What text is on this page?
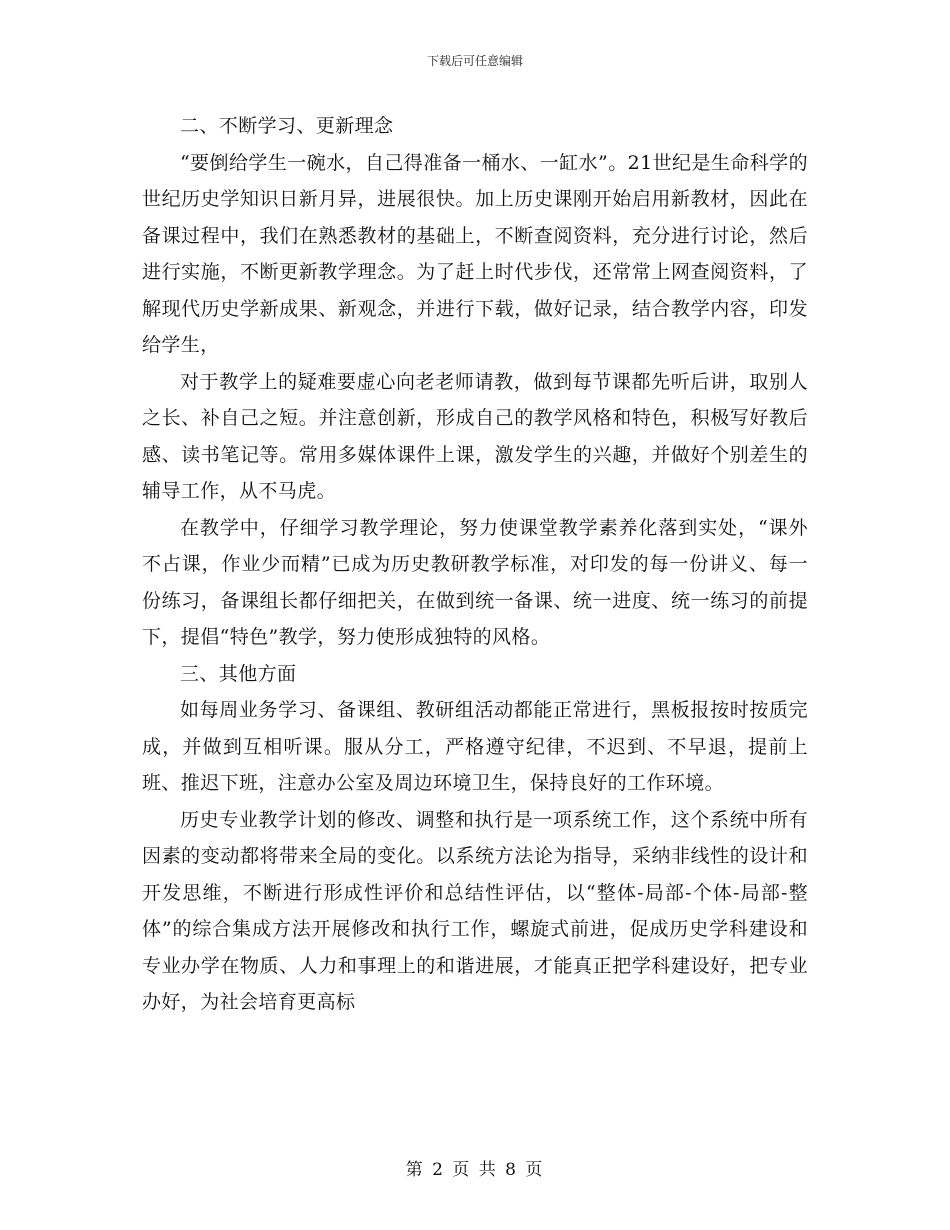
下载后可任意编辑

二、不断学习、更新理念

“要倒给学生一碗水，自己得准备一桶水、一缸水”。21世纪是生命科学的世纪历史学知识日新月异，进展很快。加上历史课刚开始启用新教材，因此在备课过程中，我们在熟悉教材的基础上，不断查阅资料，充分进行讨论，然后进行实施，不断更新教学理念。为了赶上时代步伐，还常常上网查阅资料，了解现代历史学新成果、新观念，并进行下载，做好记录，结合教学内容，印发给学生，

对于教学上的疑难要虚心向老老师请教，做到每节课都先听后讲，取别人之长、补自己之短。并注意创新，形成自己的教学风格和特色，积极写好教后感、读书笔记等。常用多媒体课件上课，激发学生的兴趣，并做好个别差生的辅导工作，从不马虎。

在教学中，仔细学习教学理论，努力使课堂教学素养化落到实处，“课外不占课，作业少而精”已成为历史教研教学标准，对印发的每一份讲义、每一份练习，备课组长都仔细把关，在做到统一备课、统一进度、统一练习的前提下，提倡“特色”教学，努力使形成独特的风格。

三、其他方面

如每周业务学习、备课组、教研组活动都能正常进行，黑板报按时按质完成，并做到互相听课。服从分工，严格遵守纪律，不迟到、不早退，提前上班、推迟下班，注意办公室及周边环境卫生，保持良好的工作环境。

历史专业教学计划的修改、调整和执行是一项系统工作，这个系统中所有因素的变动都将带来全局的变化。以系统方法论为指导，采纳非线性的设计和开发思维，不断进行形成性评价和总结性评估，以“整体-局部-个体-局部-整体”的综合集成方法开展修改和执行工作，螺旋式前进，促成历史学科建设和专业办学在物质、人力和事理上的和谐进展，才能真正把学科建设好，把专业办好，为社会培育更高标

第 2 页 共 8 页
